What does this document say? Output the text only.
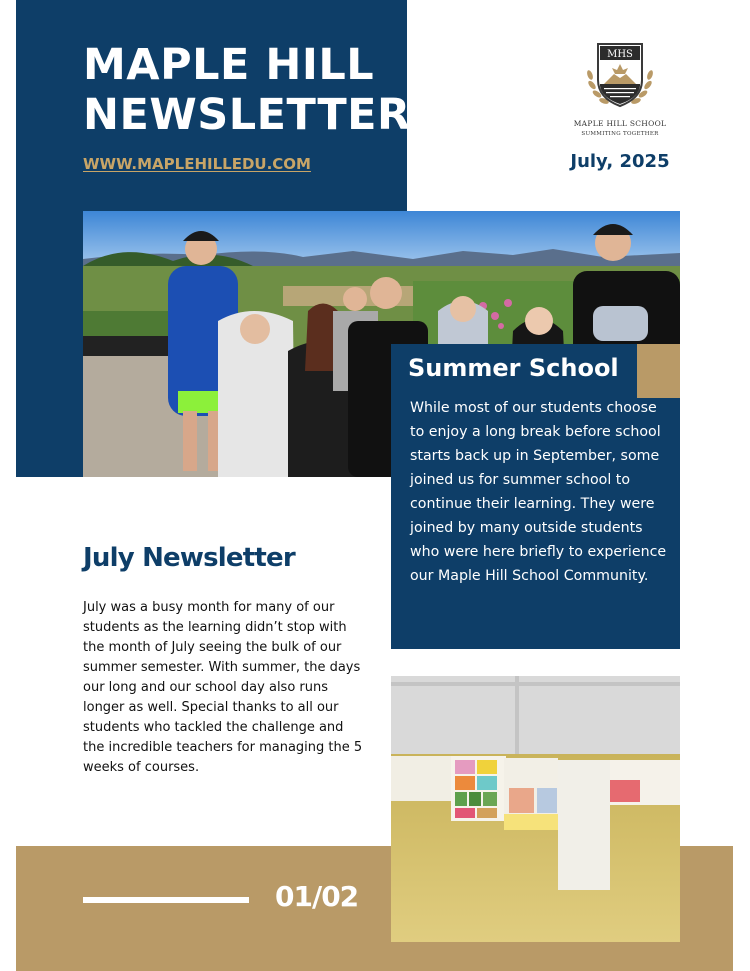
MAPLE HILL
NEWSLETTER
WWW.MAPLEHILLEDU.COM
MHS
MAPLE HILL SCHOOL
SUMMITING TOGETHER
July, 2025
Summer School

While most of our students choose to enjoy a long break before school starts back up in September, some joined us for summer school to continue their learning. They were joined by many outside students who were here briefly to experience our Maple Hill School Community.

July Newsletter

July was a busy month for many of our students as the learning didn’t stop with the month of July seeing the bulk of our summer semester. With summer, the days our long and our school day also runs longer as well. Special thanks to all our students who tackled the challenge and the incredible teachers for managing the 5 weeks of courses.

01/02
